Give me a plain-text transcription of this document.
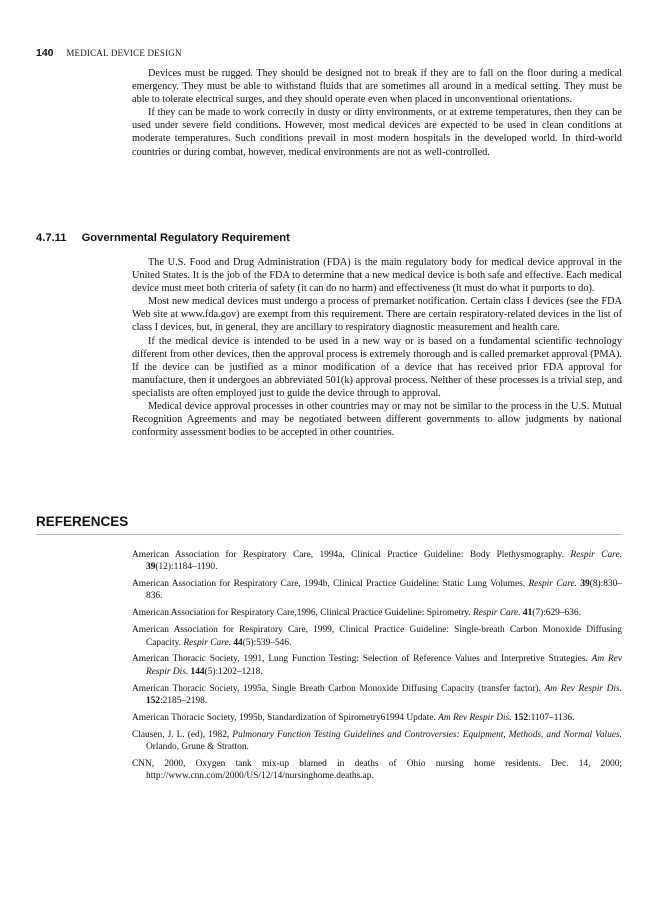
140 MEDICAL DEVICE DESIGN

Devices must be rugged. They should be designed not to break if they are to fall on the floor during a medical emergency. They must be able to withstand fluids that are sometimes all around in a medical setting. They must be able to tolerate electrical surges, and they should operate even when placed in unconventional orientations.

If they can be made to work correctly in dusty or dirty environments, or at extreme temperatures, then they can be used under severe field conditions. However, most medical devices are expected to be used in clean conditions at moderate temperatures. Such conditions prevail in most modern hospitals in the developed world. In third-world countries or during combat, however, medical environments are not as well-controlled.

4.7.11 Governmental Regulatory Requirement

The U.S. Food and Drug Administration (FDA) is the main regulatory body for medical device approval in the United States. It is the job of the FDA to determine that a new medical device is both safe and effective. Each medical device must meet both criteria of safety (it can do no harm) and effectiveness (it must do what it purports to do).

Most new medical devices must undergo a process of premarket notification. Certain class I devices (see the FDA Web site at www.fda.gov) are exempt from this requirement. There are certain respiratory-related devices in the list of class I devices, but, in general, they are ancillary to respiratory diagnostic measurement and health care.

If the medical device is intended to be used in a new way or is based on a fundamental scientific technology different from other devices, then the approval process is extremely thorough and is called premarket approval (PMA). If the device can be justified as a minor modification of a device that has received prior FDA approval for manufacture, then it undergoes an abbreviated 501(k) approval process. Neither of these processes is a trivial step, and specialists are often employed just to guide the device through to approval.

Medical device approval processes in other countries may or may not be similar to the process in the U.S. Mutual Recognition Agreements and may be negotiated between different governments to allow judgments by national conformity assessment bodies to be accepted in other countries.

REFERENCES

American Association for Respiratory Care, 1994a, Clinical Practice Guideline: Body Plethysmography. Respir Care. 39(12):1184–1190.

American Association for Respiratory Care, 1994b, Clinical Practice Guideline: Static Lung Volumes. Respir Care. 39(8):830–836.

American Association for Respiratory Care,1996, Clinical Practice Guideline: Spirometry. Respir Care. 41(7):629–636.

American Association for Respiratory Care, 1999, Clinical Practice Guideline: Single-breath Carbon Monoxide Diffusing Capacity. Respir Care. 44(5):539–546.

American Thoracic Society, 1991, Lung Function Testing: Selection of Reference Values and Interpretive Strategies. Am Rev Respir Dis. 144(5):1202–1218.

American Thoracic Society, 1995a, Single Breath Carbon Monoxide Diffusing Capacity (transfer factor). Am Rev Respir Dis. 152:2185–2198.

American Thoracic Society, 1995b, Standardization of Spirometry61994 Update. Am Rev Respir Dis. 152:1107–1136.

Clausen, J. L. (ed), 1982, Pulmonary Function Testing Guidelines and Controversies: Equipment, Methods, and Normal Values. Orlando, Grune & Stratton.

CNN, 2000, Oxygen tank mix-up blamed in deaths of Ohio nursing home residents. Dec. 14, 2000; http://www.cnn.com/2000/US/12/14/nursinghome.deaths.ap.
